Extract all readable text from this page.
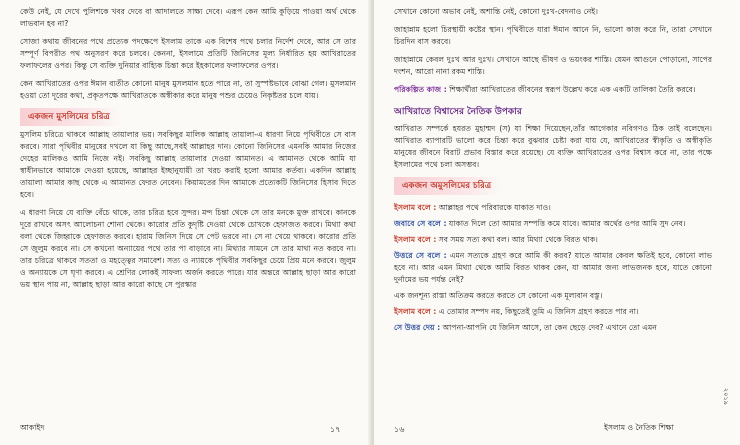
কেউ নেই, যে দেখে পুলিশকে খবর দেবে বা আদালতে সাক্ষ্য দেবে। এরূপ কেন আমি কুড়িয়ে পাওয়া অর্থ থেকে লাভবান হব না?

সোজা কথায় জীবনের পথে প্রত্যেক পদক্ষেপে ইসলাম তাকে এক বিশেষ পথে চলার নির্দেশ দেবে, আর সে তার সম্পূর্ণ বিপরীত পথ অনুসরণ করে চলবে। কেননা, ইসলামে প্রতিটি জিনিসের মূল্য নির্ধারিত হয় আখিরাতের ফলাফলের ওপর। কিন্তু সে ব্যক্তি দুনিয়ার বাহ্যিক চিন্তা করে ইহকালের ফলাফলের ওপর।

কেন আখিরাতের ওপর ঈমান ব্যতীত কোনো মানুষ মুসলমান হতে পারে না, তা সুস্পষ্টভাবে বোঝা গেল। মুসলমান হওয়া তো দূরের কথা, প্রকৃতপক্ষে আখিরাতকে অস্বীকার করে মানুষ পশুর চেয়েও নিকৃষ্টতর চলে যায়।

একজন মুসলিমের চরিত্র

মুসলিম চরিত্রে থাকবে আল্লাহ তায়ালার ভয়। সবকিছুর মালিক আল্লাহ তায়ালা-এ ধারণা নিয়ে পৃথিবীতে সে বাস করবে। সারা পৃথিবীর মানুষের দখলে যা কিছু আছে,সবই আল্লাহর দান। কোনো জিনিসের এমনকি আমার নিজের দেহের মালিকও আমি নিজে নই। সবকিছু আল্লাহ তায়ালার দেওয়া আমানত। এ আমানত থেকে আমি যা স্বাধীনভাবে আমাকে দেওয়া হয়েছে, আল্লাহর ইচ্ছানুযায়ী তা খরচ করাই হলো আমার কর্তব্য। একদিন আল্লাহ তায়ালা আমার কাছ থেকে এ আমানত ফেরত নেবেন। কিয়ামতের দিন আমাকে প্রত্যেকটি জিনিসের হিসাব দিতে হবে।

এ ধারণা নিয়ে যে ব্যক্তি বেঁচে থাকে, তার চরিত্র হবে সুন্দর। মন্দ চিন্তা থেকে সে তার মনকে মুক্ত রাখবে। কানকে দূরে রাখবে অসৎ আলোচনা শোনা থেকে। কারোর প্রতি কুদৃষ্টি দেওয়া থেকে চোখকে হেফাজত করবে। মিথ্যা কথা বলা থেকে জিহ্বাকে হেফাজত করবে। হারাম জিনিস দিয়ে সে পেট ভরবে না। সে না খেয়ে থাকবে। কারোর প্রতি সে জুলুম করবে না। সে কখনো অন্যায়ের পথে তার পা বাড়াবে না। মিথ্যার সামনে সে তার মাথা নত করবে না। তার চরিত্রে থাকবে সততা ও মহত্ত্বের সমাবেশ। সত্য ও ন্যায়কে পৃথিবীর সবকিছুর চেয়ে প্রিয় মনে করবে। জুলুম ও অন্যায়কে সে ঘৃণা করবে। এ শ্রেণির লোকই সাফল্য অর্জন করতে পারে। যার অন্তরে আল্লাহ ছাড়া আর কারো ভয় স্থান পায় না, আল্লাহ ছাড়া আর কারো কাছে সে পুরস্কার

আকাইদ	১৭

সেখানে কোনো অভাব নেই, অশান্তি নেই, কোনো দুঃখ-বেদনাও নেই।

জাহান্নাম হলো চিরস্থায়ী কষ্টের স্থান। পৃথিবীতে যারা ঈমান আনে নি, ভালো কাজ করে নি, তারা সেখানে চিরদিন বাস করবে।

জাহান্নামে কেবল দুঃখ আর দুঃখ। সেখানে আছে ভীষণ ও ভয়ংকর শাস্তি। যেমন আগুনে পোড়ানো, সাপের দংশন, আরো নানা রকম শাস্তি।

পরিকল্পিত কাজ : শিক্ষার্থীরা আখিরাতের জীবনের স্বরূপ উল্লেখ করে এক একটি তালিকা তৈরি করবে।

আখিরাতে বিশ্বাসের নৈতিক উপকার

আখিরাত সম্পর্কে হযরত মুহাম্মদ (স) যা শিক্ষা দিয়েছেন,তাঁর আগেকার নবিগণও ঠিক তাই বলেছেন। আখিরাত ব্যাপারটি ভালো করে চিন্তা করে বুঝবার চেষ্টা করা যায় যে, আখিরাতের স্বীকৃতি ও অস্বীকৃতি মানুষের জীবনে বিরাট প্রভাব বিস্তার করে রয়েছে। যে ব্যক্তি আখিরাতের ওপর বিশ্বাস করে না, তার পক্ষে ইসলামের পথে চলা অসম্ভব।

একজন অমুসলিমের চরিত্র

ইসলাম বলে : আল্লাহর পথে পরিবারকে যাকাত দাও।

জবাবে সে বলে : যাকাত দিলে তো আমার সম্পত্তি কমে যাবে। আমার অর্থের ওপর আমি সুদ নেব।

ইসলাম বলে : সব সময় সত্য কথা বল। আর মিথ্যা থেকে বিরত থাক।

উত্তরে সে বলে : এমন সত্যকে গ্রহণ করে আমি কী করব? যাতে আমার কেবল ক্ষতিই হবে, কোনো লাভ হবে না। আর এমন মিথ্যা থেকে আমি বিরত থাকব কেন, যা আমার জন্য লাভজনক হবে, যাতে কোনো দুর্নামের ভয় পর্যন্ত নেই?

এক জনশূন্য রাস্তা অতিক্রম করতে করতে সে কোনো এক মূল্যবান বস্তু।

ইসলাম বলে : এ তোমার সম্পদ নয়, কিছুতেই তুমি এ জিনিস গ্রহণ করতে পার না।

সে উত্তর দেয় : আপনা-আপনি যে জিনিস আসে, তা কেন ছেড়ে দেব? এখানে তো এমন

১৬	ইসলাম ও নৈতিক শিক্ষা
২০১৯
